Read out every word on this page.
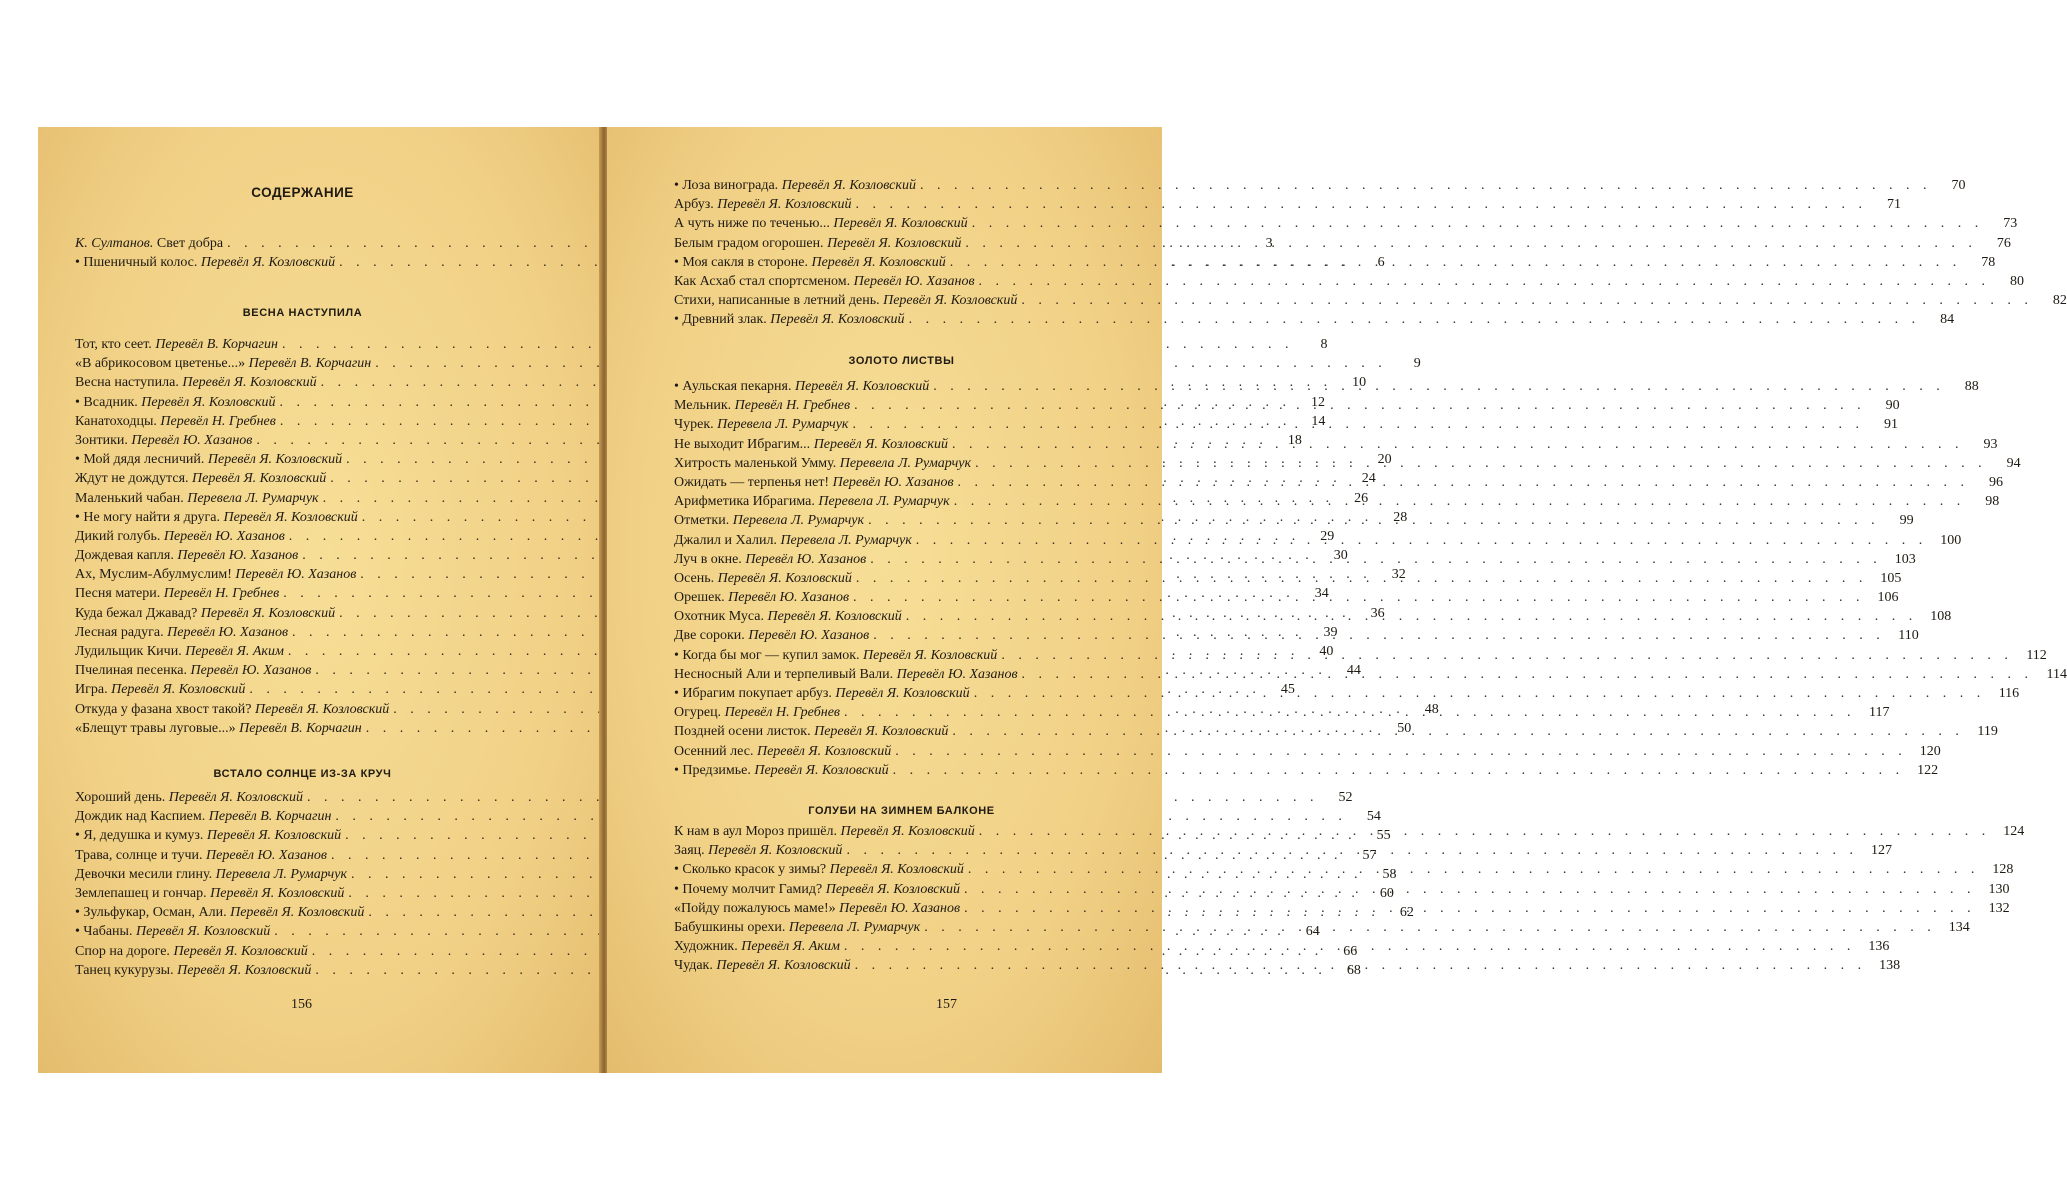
СОДЕРЖАНИЕ
К. Султанов. Свет добра . . .	3
• Пшеничный колос. Перевёл Я. Козловский . . .	6
ВЕСНА НАСТУПИЛА
Тот, кто сеет. Перевёл В. Корчагин . . .	8
«В абрикосовом цветенье...» Перевёл В. Корчагин . . .	9
Весна наступила. Перевёл Я. Козловский . . .	10
• Всадник. Перевёл Я. Козловский . . .	12
Канатоходцы. Перевёл Н. Гребнев . . .	14
Зонтики. Перевёл Ю. Хазанов . . .	18
• Мой дядя лесничий. Перевёл Я. Козловский . . .	20
Ждут не дождутся. Перевёл Я. Козловский . . .	24
Маленький чабан. Перевела Л. Румарчук . . .	26
• Не могу найти я друга. Перевёл Я. Козловский . . .	28
Дикий голубь. Перевёл Ю. Хазанов . . .	29
Дождевая капля. Перевёл Ю. Хазанов . . .	30
Ах, Муслим-Абулмуслим! Перевёл Ю. Хазанов . . .	32
Песня матери. Перевёл Н. Гребнев . . .	34
Куда бежал Джавад? Перевёл Я. Козловский . . .	36
Лесная радуга. Перевёл Ю. Хазанов . . .	39
Лудильщик Кичи. Перевёл Я. Аким . . .	40
Пчелиная песенка. Перевёл Ю. Хазанов . . .	44
Игра. Перевёл Я. Козловский . . .	45
Откуда у фазана хвост такой? Перевёл Я. Козловский . . .	48
«Блещут травы луговые...» Перевёл В. Корчагин . . .	50
ВСТАЛО СОЛНЦЕ ИЗ-ЗА КРУЧ
Хороший день. Перевёл Я. Козловский . . .	52
Дождик над Каспием. Перевёл В. Корчагин . . .	54
• Я, дедушка и кумуз. Перевёл Я. Козловский . . .	55
Трава, солнце и тучи. Перевёл Ю. Хазанов . . .	57
Девочки месили глину. Перевела Л. Румарчук . . .	58
Землепашец и гончар. Перевёл Я. Козловский . . .	60
• Зульфукар, Осман, Али. Перевёл Я. Козловский . . .	62
• Чабаны. Перевёл Я. Козловский . . .	64
Спор на дороге. Перевёл Я. Козловский . . .	66
Танец кукурузы. Перевёл Я. Козловский . . .	68
156
• Лоза винограда. Перевёл Я. Козловский . . .	70
Арбуз. Перевёл Я. Козловский . . .	71
А чуть ниже по теченью... Перевёл Я. Козловский . . .	73
Белым градом огорошен. Перевёл Я. Козловский . . .	76
• Моя сакля в стороне. Перевёл Я. Козловский . . .	78
Как Асхаб стал спортсменом. Перевёл Ю. Хазанов . . .	80
Стихи, написанные в летний день. Перевёл Я. Козловский . . .	82
• Древний злак. Перевёл Я. Козловский . . .	84
ЗОЛОТО ЛИСТВЫ
• Аульская пекарня. Перевёл Я. Козловский . . .	88
Мельник. Перевёл Н. Гребнев . . .	90
Чурек. Перевела Л. Румарчук . . .	91
Не выходит Ибрагим... Перевёл Я. Козловский . . .	93
Хитрость маленькой Умму. Перевела Л. Румарчук . . .	94
Ожидать — терпенья нет! Перевёл Ю. Хазанов . . .	96
Арифметика Ибрагима. Перевела Л. Румарчук . . .	98
Отметки. Перевела Л. Румарчук . . .	99
Джалил и Халил. Перевела Л. Румарчук . . .	100
Луч в окне. Перевёл Ю. Хазанов . . .	103
Осень. Перевёл Я. Козловский . . .	105
Орешек. Перевёл Ю. Хазанов . . .	106
Охотник Муса. Перевёл Я. Козловский . . .	108
Две сороки. Перевёл Ю. Хазанов . . .	110
• Когда бы мог — купил замок. Перевёл Я. Козловский . . .	112
Несносный Али и терпеливый Вали. Перевёл Ю. Хазанов . . .	114
• Ибрагим покупает арбуз. Перевёл Я. Козловский . . .	116
Огурец. Перевёл Н. Гребнев . . .	117
Поздней осени листок. Перевёл Я. Козловский . . .	119
Осенний лес. Перевёл Я. Козловский . . .	120
• Предзимье. Перевёл Я. Козловский . . .	122
ГОЛУБИ НА ЗИМНЕМ БАЛКОНЕ
К нам в аул Мороз пришёл. Перевёл Я. Козловский . . .	124
Заяц. Перевёл Я. Козловский . . .	127
• Сколько красок у зимы? Перевёл Я. Козловский . . .	128
• Почему молчит Гамид? Перевёл Я. Козловский . . .	130
«Пойду пожалуюсь маме!» Перевёл Ю. Хазанов . . .	132
Бабушкины орехи. Перевела Л. Румарчук . . .	134
Художник. Перевёл Я. Аким . . .	136
Чудак. Перевёл Я. Козловский . . .	138
157
